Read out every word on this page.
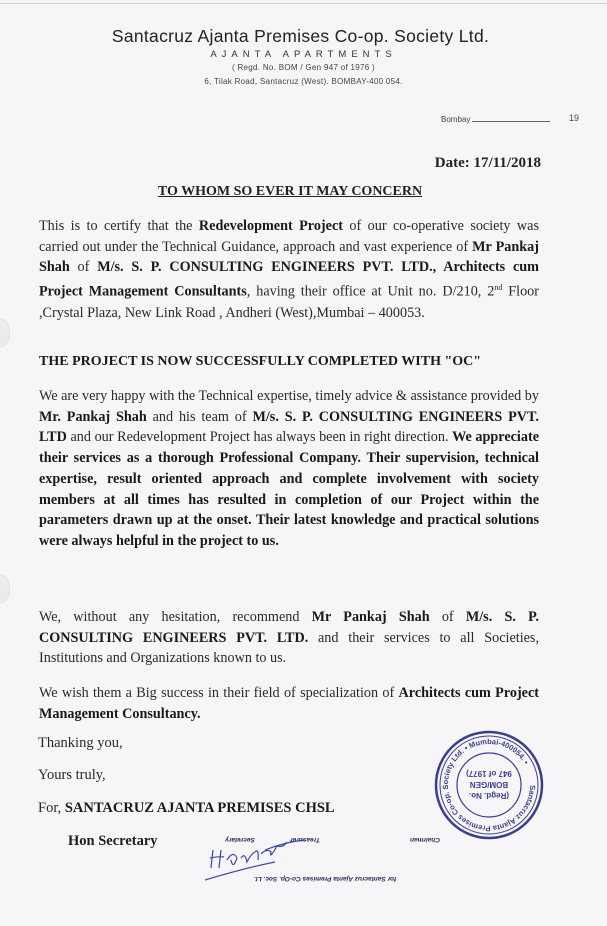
Santacruz Ajanta Premises Co-op. Society Ltd.
AJANTA APARTMENTS
( Regd. No. BOM / Gen 947 of 1976 )
6, Tilak Road, Santacruz (West). BOMBAY-400 054.
Bombay	19
Date: 17/11/2018
TO WHOM SO EVER IT MAY CONCERN
This is to certify that the Redevelopment Project of our co-operative society was carried out under the Technical Guidance, approach and vast experience of Mr Pankaj Shah of M/s. S. P. CONSULTING ENGINEERS PVT. LTD., Architects cum Project Management Consultants, having their office at Unit no. D/210, 2nd Floor ,Crystal Plaza, New Link Road , Andheri (West),Mumbai – 400053.
THE PROJECT IS NOW SUCCESSFULLY COMPLETED WITH "OC"
We are very happy with the Technical expertise, timely advice & assistance provided by Mr. Pankaj Shah and his team of M/s. S. P. CONSULTING ENGINEERS PVT. LTD and our Redevelopment Project has always been in right direction. We appreciate their services as a thorough Professional Company. Their supervision, technical expertise, result oriented approach and complete involvement with society members at all times has resulted in completion of our Project within the parameters drawn up at the onset. Their latest knowledge and practical solutions were always helpful in the project to us.
We, without any hesitation, recommend Mr Pankaj Shah of M/s. S. P. CONSULTING ENGINEERS PVT. LTD. and their services to all Societies, Institutions and Organizations known to us.
We wish them a Big success in their field of specialization of Architects cum Project Management Consultancy.
Thanking you,
Yours truly,
For, SANTACRUZ AJANTA PREMISES CHSL
Hon Secretary
Santacruz Ajanta Premises Co-op. Society Ltd. • Mumbai-400054. •
(Regd. No.
BOM/GEN
947 of 1977)
Secretary	Treasurer	Chairman
for Santacruz Ajanta Premises Co-Op. Soc. Lt.
